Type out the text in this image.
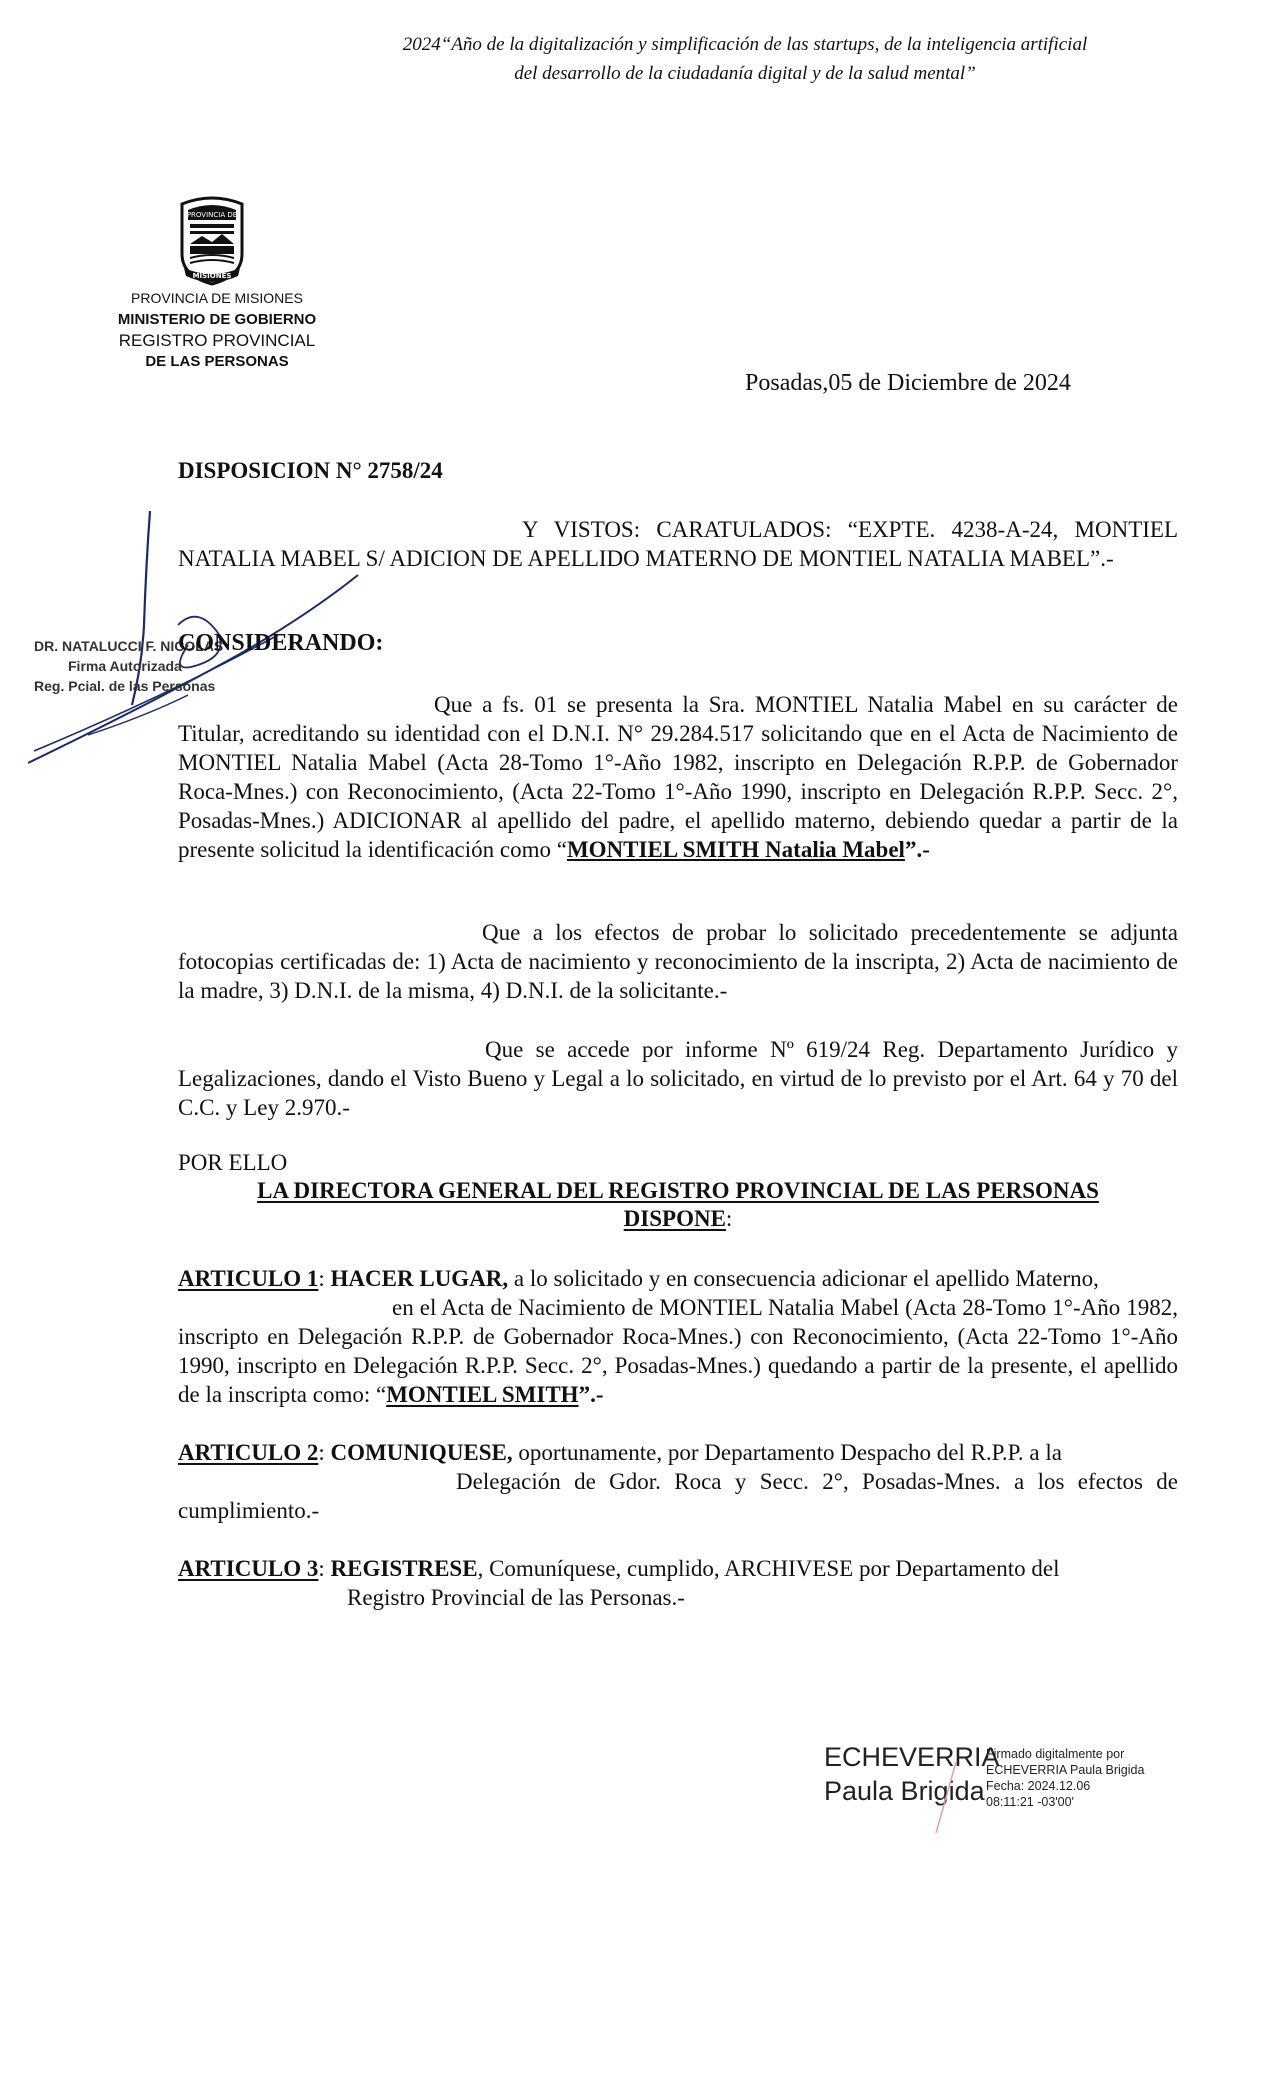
2024“Año de la digitalización y simplificación de las startups, de la inteligencia artificial
del desarrollo de la ciudadanía digital y de la salud mental”
PROVINCIA DE
MISIONES
PROVINCIA DE MISIONES
MINISTERIO DE GOBIERNO
REGISTRO PROVINCIAL
DE LAS PERSONAS
Posadas,05 de Diciembre de 2024
DISPOSICION N° 2758/24
Y VISTOS: CARATULADOS: “EXPTE. 4238-A-24, MONTIEL NATALIA MABEL S/ ADICION DE APELLIDO MATERNO DE MONTIEL NATALIA MABEL”.-
DR. NATALUCCI F. NICOLAS
Firma Autorizada
Reg. Pcial. de las Personas
CONSIDERANDO:
Que a fs. 01 se presenta la Sra. MONTIEL Natalia Mabel en su carácter de Titular, acreditando su identidad con el D.N.I. N° 29.284.517 solicitando que en el Acta de Nacimiento de MONTIEL Natalia Mabel (Acta 28-Tomo 1°-Año 1982, inscripto en Delegación R.P.P. de Gobernador Roca-Mnes.) con Reconocimiento, (Acta 22-Tomo 1°-Año 1990, inscripto en Delegación R.P.P. Secc. 2°, Posadas-Mnes.) ADICIONAR al apellido del padre, el apellido materno, debiendo quedar a partir de la presente solicitud la identificación como “MONTIEL SMITH Natalia Mabel”.-
Que a los efectos de probar lo solicitado precedentemente se adjunta fotocopias certificadas de: 1) Acta de nacimiento y reconocimiento de la inscripta, 2) Acta de nacimiento de la madre, 3) D.N.I. de la misma, 4) D.N.I. de la solicitante.-
Que se accede por informe Nº 619/24 Reg. Departamento Jurídico y Legalizaciones, dando el Visto Bueno y Legal a lo solicitado, en virtud de lo previsto por el Art. 64 y 70 del C.C. y Ley 2.970.-
POR ELLO
LA DIRECTORA GENERAL DEL REGISTRO PROVINCIAL DE LAS PERSONAS
DISPONE:
ARTICULO 1: HACER LUGAR, a lo solicitado y en consecuencia adicionar el apellido Materno,
en el Acta de Nacimiento de MONTIEL Natalia Mabel (Acta 28-Tomo 1°-Año 1982, inscripto en Delegación R.P.P. de Gobernador Roca-Mnes.) con Reconocimiento, (Acta 22-Tomo 1°-Año 1990, inscripto en Delegación R.P.P. Secc. 2°, Posadas-Mnes.) quedando a partir de la presente, el apellido de la inscripta como: “MONTIEL SMITH”.-
ARTICULO 2: COMUNIQUESE, oportunamente, por Departamento Despacho del R.P.P. a la
Delegación de Gdor. Roca y Secc. 2°, Posadas-Mnes. a los efectos de cumplimiento.-
ARTICULO 3: REGISTRESE, Comuníquese, cumplido, ARCHIVESE por Departamento del
Registro Provincial de las Personas.-
ECHEVERRIA
Paula Brigida
Firmado digitalmente por
ECHEVERRIA Paula Brigida
Fecha: 2024.12.06
08:11:21 -03'00'
